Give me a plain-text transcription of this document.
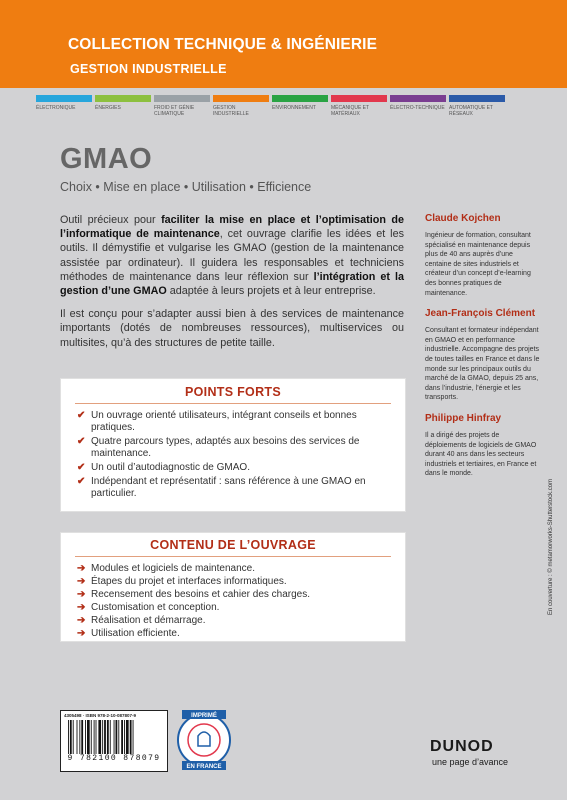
COLLECTION TECHNIQUE & INGÉNIERIE
GESTION INDUSTRIELLE
ÉLECTRONIQUE	ÉNERGIES	FROID ET GÉNIE CLIMATIQUE
GESTION INDUSTRIELLE
ENVIRONNEMENT	MÉCANIQUE ET MATÉRIAUX
ÉLECTRO-TECHNIQUE AUTOMATIQUE ET RÉSEAUX
GMAO
Choix • Mise en place • Utilisation • Efficience

Outil précieux pour faciliter la mise en place et l’optimisation de l’informatique de maintenance, cet ouvrage clarifie les idées et les outils. Il démystifie et vulgarise les GMAO (gestion de la maintenance assistée par ordinateur). Il guidera les responsables et techniciens méthodes de maintenance dans leur réflexion sur l’intégration et la gestion d’une GMAO adaptée à leurs projets et à leur entreprise.

Il est conçu pour s’adapter aussi bien à des services de maintenance importants (dotés de nombreuses ressources), multiservices ou multisites, qu’à des structures de petite taille.

Claude Kojchen
Ingénieur de formation, consultant spécialisé en maintenance depuis plus de 40 ans auprès d’une centaine de sites industriels et créateur d’un concept d’e-learning des bonnes pratiques de maintenance.
Jean-François Clément
Consultant et formateur indépendant en GMAO et en performance industrielle. Accompagne des projets de toutes tailles en France et dans le monde sur les principaux outils du marché de la GMAO, depuis 25 ans, dans l’industrie, l’énergie et les transports.
Philippe Hinfray
Il a dirigé des projets de déploiements de logiciels de GMAO durant 40 ans dans les secteurs industriels et tertiaires, en France et dans le monde.
POINTS FORTS
✔ Un ouvrage orienté utilisateurs, intégrant conseils et bonnes pratiques.
✔ Quatre parcours types, adaptés aux besoins des services de maintenance.
✔ Un outil d’autodiagnostic de GMAO.
✔ Indépendant et représentatif : sans référence à une GMAO en particulier.
CONTENU DE L’OUVRAGE
➔ Modules et logiciels de maintenance.
➔ Étapes du projet et interfaces informatiques.
➔ Recensement des besoins et cahier des charges.
➔ Customisation et conception.
➔ Réalisation et démarrage.
➔ Utilisation efficiente.
4305498 · ISBN 978-2-10-087807-9
9 782100 878079
IMPRIMÉ
EN FRANCE
DUNOD
une page d’avance
En couverture : © metamorworks-Shutterstock.com
